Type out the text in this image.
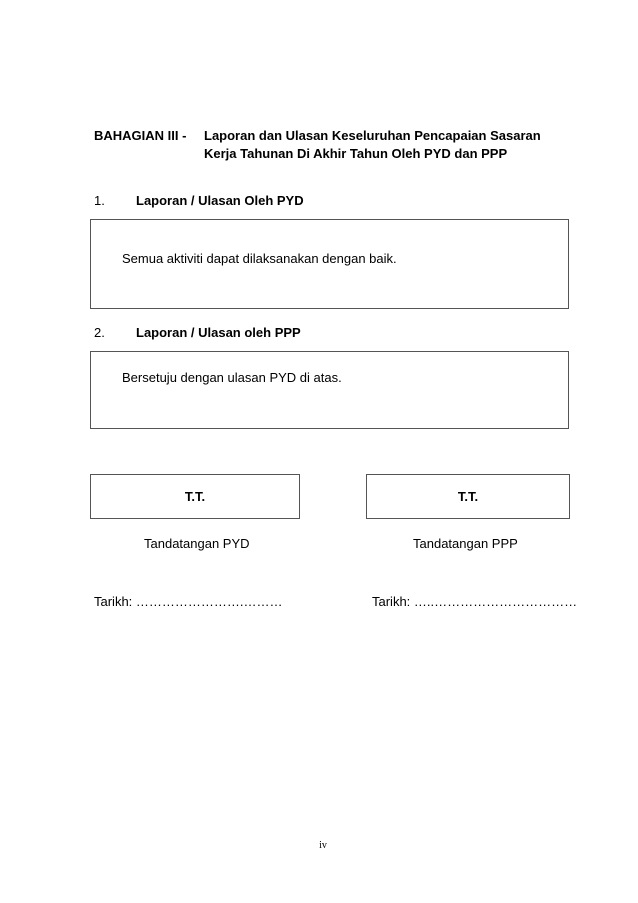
BAHAGIAN III - Laporan dan Ulasan Keseluruhan Pencapaian Sasaran
Kerja Tahunan Di Akhir Tahun Oleh PYD dan PPP
1. Laporan / Ulasan Oleh PYD
Semua aktiviti dapat dilaksanakan dengan baik.
2. Laporan / Ulasan oleh PPP
Bersetuju dengan ulasan PYD di atas.
T.T.	T.T.
Tandatangan PYD	Tandatangan PPP
Tarikh: …………………….………	Tarikh: …..……………………………
iv
